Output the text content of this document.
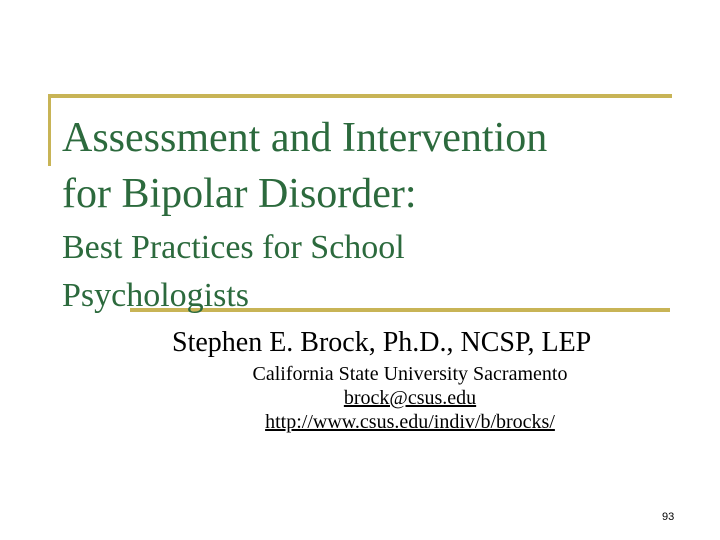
Assessment and Intervention
for Bipolar Disorder:
Best Practices for School
Psychologists
Stephen E. Brock, Ph.D., NCSP, LEP
California State University Sacramento
brock@csus.edu
http://www.csus.edu/indiv/b/brocks/
93
